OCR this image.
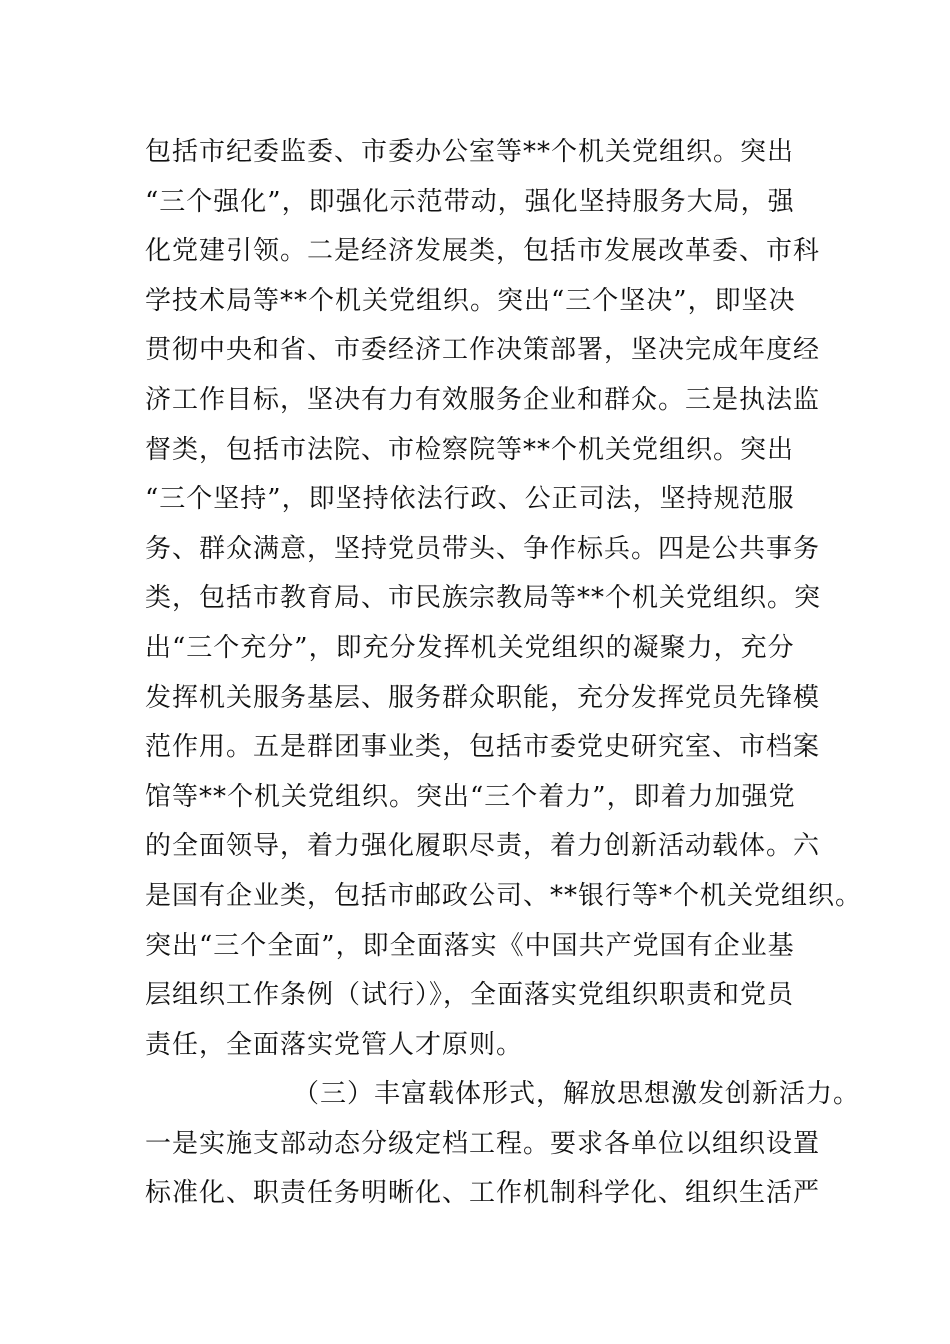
包括市纪委监委、市委办公室等**个机关党组织。突出
“三个强化”，即强化示范带动，强化坚持服务大局，强
化党建引领。二是经济发展类，包括市发展改革委、市科
学技术局等**个机关党组织。突出“三个坚决”，即坚决
贯彻中央和省、市委经济工作决策部署，坚决完成年度经
济工作目标，坚决有力有效服务企业和群众。三是执法监
督类，包括市法院、市检察院等**个机关党组织。突出
“三个坚持”，即坚持依法行政、公正司法，坚持规范服
务、群众满意，坚持党员带头、争作标兵。四是公共事务
类，包括市教育局、市民族宗教局等**个机关党组织。突
出“三个充分”，即充分发挥机关党组织的凝聚力，充分
发挥机关服务基层、服务群众职能，充分发挥党员先锋模
范作用。五是群团事业类，包括市委党史研究室、市档案
馆等**个机关党组织。突出“三个着力”，即着力加强党
的全面领导，着力强化履职尽责，着力创新活动载体。六
是国有企业类，包括市邮政公司、**银行等*个机关党组织。
突出“三个全面”，即全面落实《中国共产党国有企业基
层组织工作条例（试行）》，全面落实党组织职责和党员
责任，全面落实党管人才原则。
（三）丰富载体形式，解放思想激发创新活力。
一是实施支部动态分级定档工程。要求各单位以组织设置
标准化、职责任务明晰化、工作机制科学化、组织生活严
